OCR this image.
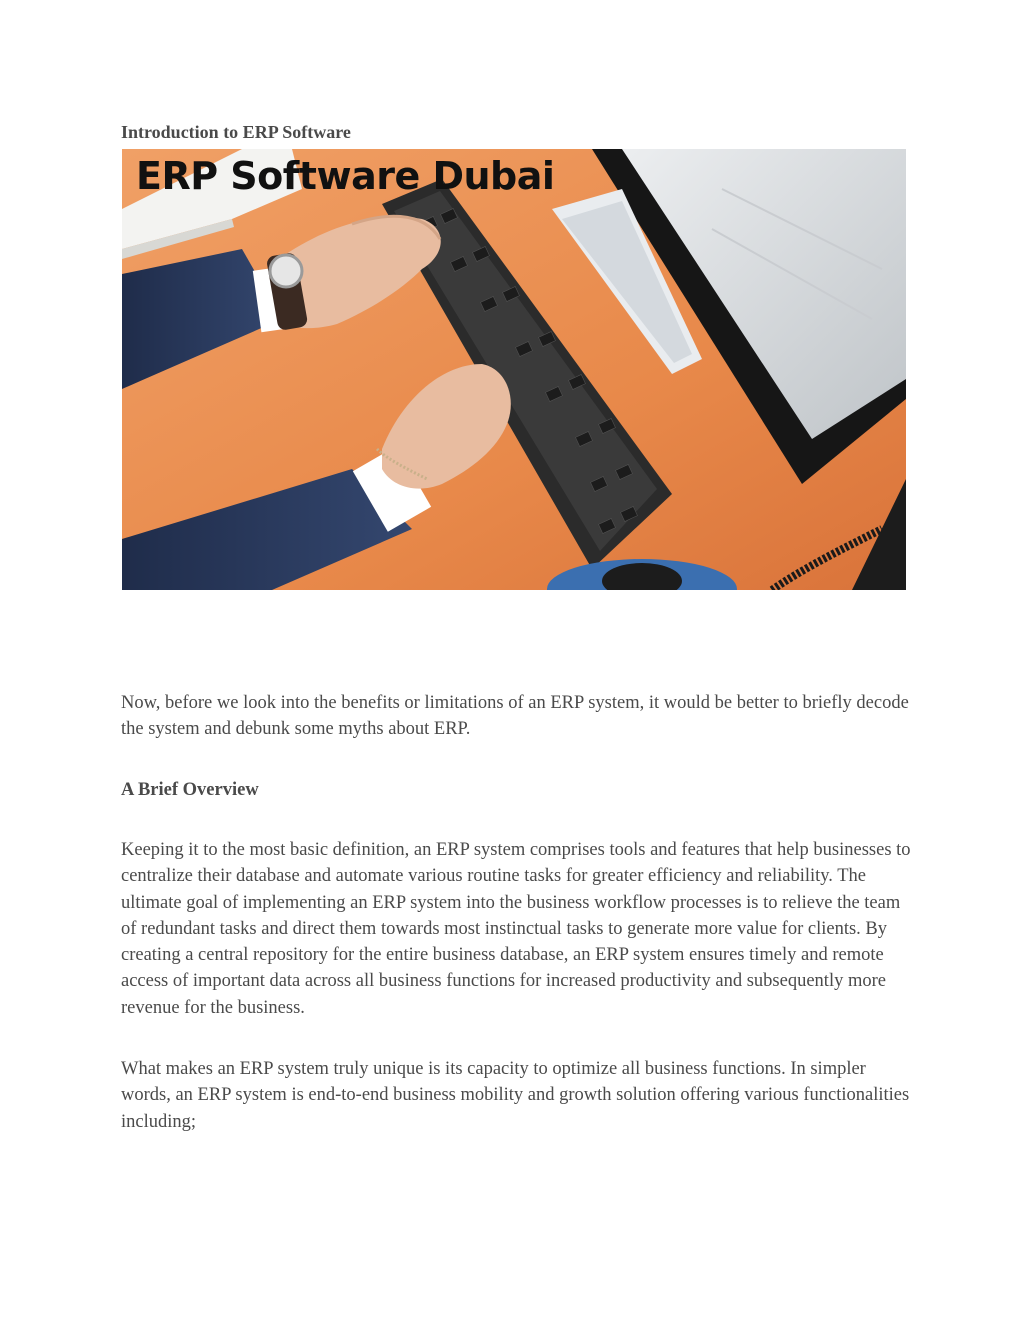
Introduction to ERP Software
ERP Software Dubai

Now, before we look into the benefits or limitations of an ERP system, it would be better to briefly decode the system and debunk some myths about ERP.

A Brief Overview

Keeping it to the most basic definition, an ERP system comprises tools and features that help businesses to centralize their database and automate various routine tasks for greater efficiency and reliability. The ultimate goal of implementing an ERP system into the business workflow processes is to relieve the team of redundant tasks and direct them towards most instinctual tasks to generate more value for clients. By creating a central repository for the entire business database, an ERP system ensures timely and remote access of important data across all business functions for increased productivity and subsequently more revenue for the business.

What makes an ERP system truly unique is its capacity to optimize all business functions. In simpler words, an ERP system is end-to-end business mobility and growth solution offering various functionalities including;
